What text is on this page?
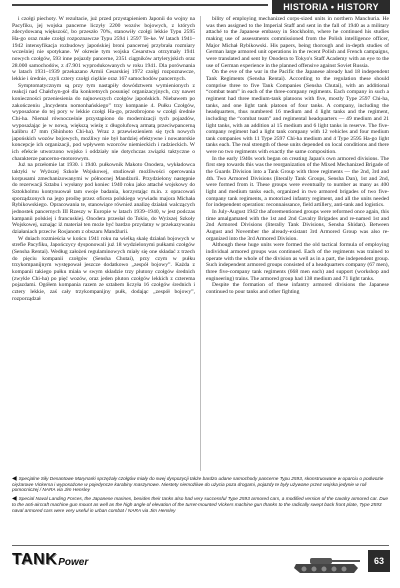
HISTORIA • HISTORY

i czołgi piechoty. W rezultacie, już przed przystąpieniem Japonii do wojny na Pacyfiku, jej wojska pancerne liczyły 2200 wozów bojowych, z których zdecydowaną większość, bo przeszło 70%, stanowiły czołgi lekkie Typu 2595 Ha-go oraz małe czołgi rozpoznawcze Typu 2594 i 2597 Te-ke. W latach 1941–1942 intensyfikacja rozbudowy japońskiej broni pancernej przybrała rozmiary wcześniej nie spotykane. W okresie tym wojska Cesarstwa otrzymały 1941 nowych czołgów, 593 inne pojazdy pancerne, 2351 ciągników artyleryjskich oraz 28.000 samochodów, z 47.901 wyprodukowanych w roku 1941. Dla porównania w latach 1931–1939 przekazano Armii Cesarskiej 1972 czołgi rozpoznawcze, lekkie i średnie, czyli cztery czołgi ciężkie oraz 167 samochodów pancernych.

Symptomatycznym są przy tym nastąpiły dowództwem wymienionych z reakcji nad Chałchyn-goł dla konkretnych posunięć organizacyjnych, czy nawet konieczności przeniesienia do najnowszych czołgów japońskich. Niebawem po zakończeniu „Incydentu nomonhańskiego” trzy kompanie 4. Pułku Czołgów, wyposażone do tej pory w lekkie czołgi Ha-go, przezbrojono w czołgi średnie Chi-ha. Niemal równocześnie przystąpiono do modernizacji tych pojazdów, wyposażając je w nową, większą wieżę z długolufową armatą przeciwpancerną kalibru 47 mm (Shinhoto Chi-ha). Wraz z przewiezieniem się tych nowych japońskich wozów bojowych, możliwy nie był bardziej efektywne i nowatorskie koncepcje ich organizacji, pod wpływem wzorców niemieckich i radzieckich. W ich efekcie utworzono wojsko i oddziały nie dotychczas związki taktyczne o charakterze pancerno-motorowym.

Już na przełomie lat 1930. i 1940. pułkownik Makoto Onodera, wykładowca taktyki w Wyższej Szkole Wojskowej, studiował możliwości operowania korpusami zmechanizowanymi w północnej Mandżurii. Przydzielony następnie do rezerwacji Sztabu i wysłany pod koniec 1940 roku jako attaché wojskowy do Sztokholmu kontynuował tam swoje badania, korzystając m.in. z opracowań sporządzonych na jego prośbę przez oficera polskiego wywiadu majora Michała Rybikowskiego. Opracowania te, stanowiące również analizę działań walczących jednostek pancernych III Rzeszy w Europie w latach 1939–1940, w jest podczas kampanii polskiej i francuskiej. Onodera przesłał do Tokio, do Wyższej Szkoły Wojskowej, uznając iż materiał ten może być bardzo przydatny w przekazywaniu działaniach przeciw Rosjanom z obszaru Mandżurii.

W dniach rozmieścia w końcu 1941 roku na wielką skalę działań bojowych w strefie Pacyfiku, Japończycy dysponowali już 18 wydzielonymi pułkami czołgów (Sensha Rentai). Według założeń regulaminowych miały się one składać z trzech do pięciu kompanii czołgów (Sensha Chutai), przy czym w pułku trzykompanijnym występował jeszcze dodatkowo „zespół bojowy”. Każda z kompanii takiego pułku miała w swym składzie trzy plutony czołgów średnich (zwykle Chi-ha) po pięć wozów, oraz jeden pluton czołgów lekkich z czterema pojazdami. Ogółem kompania razem ze sztabem liczyła 16 czołgów średnich i cztery lekkie, zaś cały trzykompanijny pułk, dodając „zespół bojowy”, rozporządzał

bility of employing mechanized corps-sized units in northern Manchuria. He was then assigned to the Imperial Staff and sent in the fall of 1940 as a military attaché to the Japanese embassy in Stockholm, where he continued his studies making use of assessments commissioned from the Polish intelligence officer, Major Michał Rybikowski. His papers, being thorough and in-depth studies of German large armored unit operations in the recent Polish and French campaigns, were translated and sent by Onodera to Tokyo's Staff Academy with an eye to the use of German experience in the planned offensive against Soviet Russia.

On the eve of the war in the Pacific the Japanese already had 18 independent Tank Regiments (Sensha Rentai). According to the regulation these should comprise three to five Tank Companies (Sensha Chutai), with an additional “combat team” in each of the three-company regiments. Each company in such a regiment had three medium-tank platoons with five, mostly Type 2597 Chi-ha, tanks, and one light tank platoon of four tanks. A company, including the headquarters, thus numbered 16 medium and 4 light tanks and the regiment, including the “combat team” and regimental headquarters — 49 medium and 21 light tanks, with an addition al 15 medium and 6 light tanks in reserve. The five-company regiment had a light tank company with 12 vehicles and four medium tank companies with 11 Type 2597 Chi-ha medium and 4 Type 2595 Ha-go light tanks each. The real strength of these units depended on local conditions and there were no two regiments with exactly the same composition.

In the early 1940s work began on creating Japan's own armored divisions. The first step towards this was the reorganization of the Mixed Mechanized Brigade of the Guards Division into a Tank Group with three regiments — the 2nd, 3rd and 4th. Two Armored Divisions (literally Tank Groups, Sensha Dan), 1st and 2nd, were formed from it. These groups were eventually to number as many as 400 light and medium tanks each, organized in two armored brigades of two five-company tank regiments, a motorized infantry regiment, and all the units needed for independent operation: reconnaissance, field artillery, anti-tank and logistics.

In July-August 1942 the aforementioned groups were reformed once again, this time amalgamated with the 1st and 2nd Cavalry Brigades and re-named 1st and 2nd Armored Divisions (literally Tank Divisions, Sensha Shidan). Between August and November the already-existant 3rd Armored Group was also re-organized into the 3rd Armored Division.

Although these huge units were formed the old tactical formula of employing individual armored groups was continued. Each of the regiments was trained to operate with the whole of the division as well as in a part, the independent group. Such independent armored groups consisted of a headquarters company (67 men), three five-company tank regiments (668 men each) and support (workshop and engineering) trains. The armored group had 138 medium and 71 light tanks.

Despite the formation of these infantry armored divisions the Japanese continued to pour tanks and other fighting

◀ Specjalne Siły Desantowe Marynarki sprzężały czołgów miały do swej dyspozycji także bardzo udane samochody pancerne Typu 2593, skonstruowane w oparciu o podwozie ciężarowe Vickersa i wyposażone w pojedyncze karabiny maszynowe. Niestety niemożliwe do użycia poza drogami, pojazdy te były używane przez wojska jedynie w roli pomocniczej / NARA via Jim Hensley

◀ Special Naval Landing Forces, the Japanese marines, besides their tanks also had very successful Type 2593 armored cars, a modified version of the cavalry armored car. Due to the anti-aircraft machine gun mount as well as the high angle of elevation of the turret-mounted Vickers machine gun thanks to the radically swept back front plate, Type 2593 naval armored cars were very useful in urban combat / NARA via Jim Hensley

TANK Power	63
